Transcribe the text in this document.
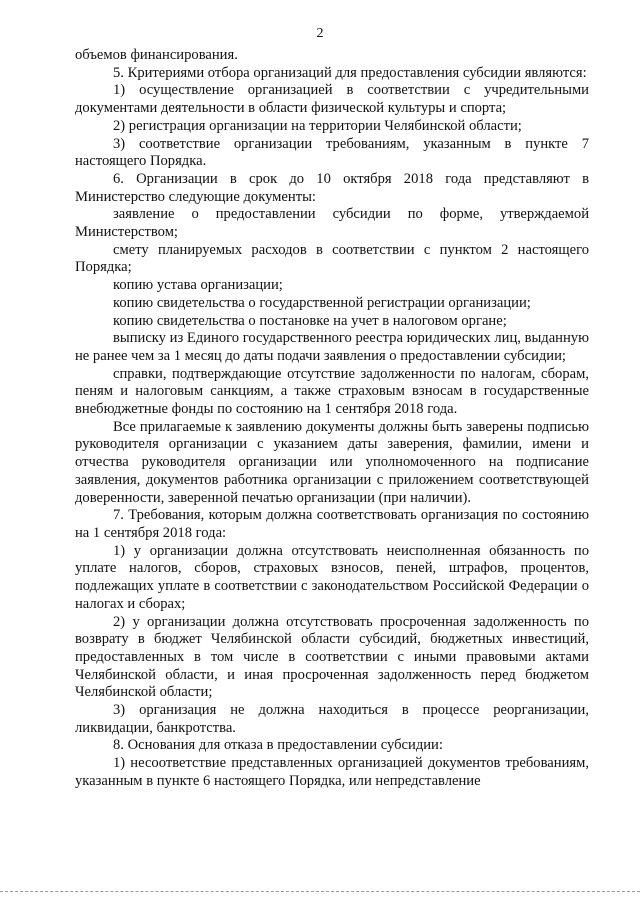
2

объемов финансирования.

5. Критериями отбора организаций для предоставления субсидии являются:

1) осуществление организацией в соответствии с учредительными документами деятельности в области физической культуры и спорта;

2) регистрация организации на территории Челябинской области;

3) соответствие организации требованиям, указанным в пункте 7 настоящего Порядка.

6. Организации в срок до 10 октября 2018 года представляют в Министерство следующие документы:

заявление о предоставлении субсидии по форме, утверждаемой Министерством;

смету планируемых расходов в соответствии с пунктом 2 настоящего Порядка;

копию устава организации;

копию свидетельства о государственной регистрации организации;

копию свидетельства о постановке на учет в налоговом органе;

выписку из Единого государственного реестра юридических лиц, выданную не ранее чем за 1 месяц до даты подачи заявления о предоставлении субсидии;

справки, подтверждающие отсутствие задолженности по налогам, сборам, пеням и налоговым санкциям, а также страховым взносам в государственные внебюджетные фонды по состоянию на 1 сентября 2018 года.

Все прилагаемые к заявлению документы должны быть заверены подписью руководителя организации с указанием даты заверения, фамилии, имени и отчества руководителя организации или уполномоченного на подписание заявления, документов работника организации с приложением соответствующей доверенности, заверенной печатью организации (при наличии).

7. Требования, которым должна соответствовать организация по состоянию на 1 сентября 2018 года:

1) у организации должна отсутствовать неисполненная обязанность по уплате налогов, сборов, страховых взносов, пеней, штрафов, процентов, подлежащих уплате в соответствии с законодательством Российской Федерации о налогах и сборах;

2) у организации должна отсутствовать просроченная задолженность по возврату в бюджет Челябинской области субсидий, бюджетных инвестиций, предоставленных в том числе в соответствии с иными правовыми актами Челябинской области, и иная просроченная задолженность перед бюджетом Челябинской области;

3) организация не должна находиться в процессе реорганизации, ликвидации, банкротства.

8. Основания для отказа в предоставлении субсидии:

1) несоответствие представленных организацией документов требованиям, указанным в пункте 6 настоящего Порядка, или непредставление
